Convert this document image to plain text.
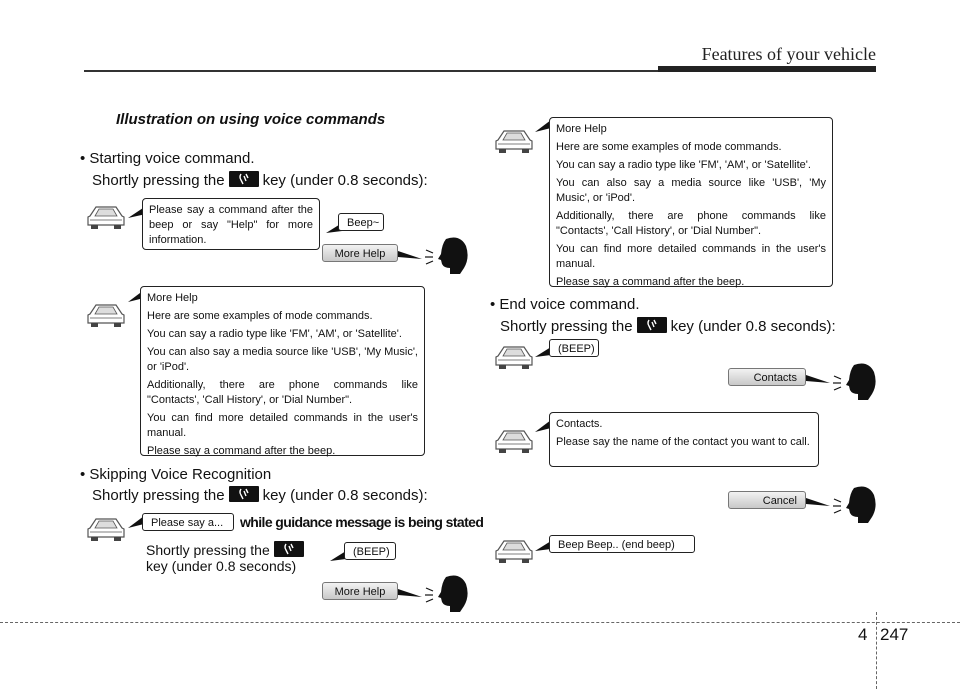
Features of your vehicle
Illustration on using voice commands
• Starting voice command.
Shortly pressing the	key (under 0.8 seconds):

Please say a command after the beep or say "Help" for more information.

Beep~
More Help

More Help

Here are some examples of mode commands.

You can say a radio type like 'FM', 'AM', or 'Satellite'.

You can also say a media source like 'USB', 'My Music', or 'iPod'.

Additionally, there are phone commands like "Contacts', 'Call History', or 'Dial Number".

You can find more detailed commands in the user's manual.

Please say a command after the beep.

• Skipping Voice Recognition
Shortly pressing the	key (under 0.8 seconds):
Please say a...	while guidance message is being stated
Shortly pressing the
key (under 0.8 seconds)
(BEEP)
More Help

More Help

Here are some examples of mode commands.

You can say a radio type like 'FM', 'AM', or 'Satellite'.

You can also say a media source like 'USB', 'My Music', or 'iPod'.

Additionally, there are phone commands like "Contacts', 'Call History', or 'Dial Number".

You can find more detailed commands in the user's manual.

Please say a command after the beep.

• End voice command.
Shortly pressing the	key (under 0.8 seconds):
(BEEP)
Contacts

Contacts.

Please say the name of the contact you want to call.

Cancel
Beep Beep.. (end beep)
4 247
